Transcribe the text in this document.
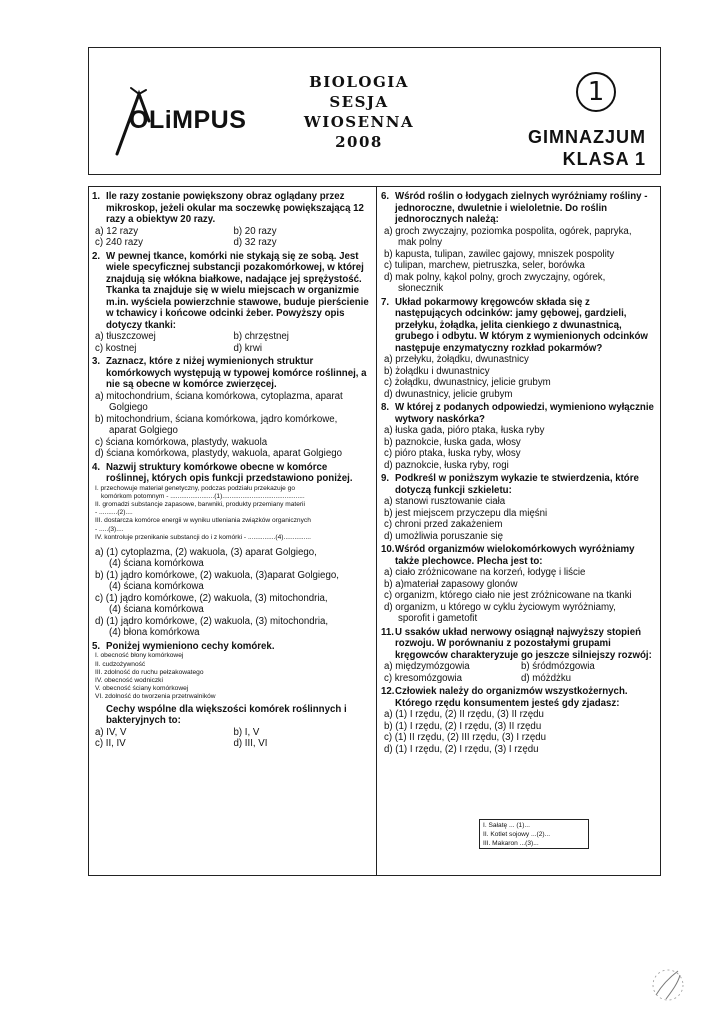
OLiMPUS
BIOLOGIA
SESJA WIOSENNA
2008
1
GIMNAZJUM
KLASA 1
1. Ile razy zostanie powiększony obraz oglądany przez mikroskop, jeżeli okular ma soczewkę powiększającą 12 razy a obiektyw 20 razy.
a) 12 razy	b) 20 razy
c) 240 razy	d) 32 razy
2. W pewnej tkance, komórki nie stykają się ze sobą. Jest wiele specyficznej substancji pozakomórkowej, w której znajdują się włókna białkowe, nadające jej sprężystość. Tkanka ta znajduje się w wielu miejscach w organizmie m.in. wyściela powierzchnie stawowe, buduje pierścienie w tchawicy i końcowe odcinki żeber. Powyższy opis dotyczy tkanki:
a) tłuszczowej	b) chrzęstnej
c) kostnej	d) krwi
3. Zaznacz, które z niżej wymienionych struktur komórkowych występują w typowej komórce roślinnej, a nie są obecne w komórce zwierzęcej.
a) mitochondrium, ściana komórkowa, cytoplazma, aparat
Golgiego
b) mitochondrium, ściana komórkowa, jądro komórkowe,
aparat Golgiego
c) ściana komórkowa, plastydy, wakuola
d) ściana komórkowa, plastydy, wakuola, aparat Golgiego
4. Nazwij struktury komórkowe obecne w komórce roślinnej, których opis funkcji przedstawiono poniżej.
I. przechowuje materiał genetyczny, podczas podziału przekazuje go
komórkom potomnym - ........................(1).............................................
II. gromadzi substancje zapasowe, barwniki, produkty przemiany materii
- ..........(2)....
III. dostarcza komórce energii w wyniku utleniania związków organicznych
- .....(3)....
IV. kontroluje przenikanie substancji do i z komórki - ...............(4)...............
a) (1) cytoplazma, (2) wakuola, (3) aparat Golgiego,
(4) ściana komórkowa
b) (1) jądro komórkowe, (2) wakuola, (3)aparat Golgiego,
(4) ściana komórkowa
c) (1) jądro komórkowe, (2) wakuola, (3) mitochondria,
(4) ściana komórkowa
d) (1) jądro komórkowe, (2) wakuola, (3) mitochondria,
(4) błona komórkowa
5. Poniżej wymieniono cechy komórek.
I. obecność błony komórkowej
II. cudzożywność
III. zdolność do ruchu pełzakowatego
IV. obecność wodniczki
V. obecność ściany komórkowej
VI. zdolność do tworzenia przetrwalników
Cechy wspólne dla większości komórek roślinnych i bakteryjnych to:
a) IV, V	b) I, V
c) II, IV	d) III, VI
6. Wśród roślin o łodygach zielnych wyróżniamy rośliny - jednoroczne, dwuletnie i wieloletnie. Do roślin jednorocznych należą:
a) groch zwyczajny, poziomka pospolita, ogórek, papryka,
mak polny
b) kapusta, tulipan, zawilec gajowy, mniszek pospolity
c) tulipan, marchew, pietruszka, seler, borówka
d) mak polny, kąkol polny, groch zwyczajny, ogórek,
słonecznik
7. Układ pokarmowy kręgowców składa się z następujących odcinków: jamy gębowej, gardzieli, przełyku, żołądka, jelita cienkiego z dwunastnicą, grubego i odbytu. W którym z wymienionych odcinków następuje enzymatyczny rozkład pokarmów?
a) przełyku, żołądku, dwunastnicy
b) żołądku i dwunastnicy
c) żołądku, dwunastnicy, jelicie grubym
d) dwunastnicy, jelicie grubym
8. W której z podanych odpowiedzi, wymieniono wyłącznie wytwory naskórka?
a) łuska gada, pióro ptaka, łuska ryby
b) paznokcie, łuska gada, włosy
c) pióro ptaka, łuska ryby, włosy
d) paznokcie, łuska ryby, rogi
9. Podkreśl w poniższym wykazie te stwierdzenia, które dotyczą funkcji szkieletu:
a) stanowi rusztowanie ciała
b) jest miejscem przyczepu dla mięśni
c) chroni przed zakażeniem
d) umożliwia poruszanie się
10. Wśród organizmów wielokomórkowych wyróżniamy także plechowce. Plecha jest to:
a) ciało zróżnicowane na korzeń, łodygę i liście
b) a)materiał zapasowy glonów
c) organizm, którego ciało nie jest zróżnicowane na tkanki
d) organizm, u którego w cyklu życiowym wyróżniamy,
sporofit i gametofit
11. U ssaków układ nerwowy osiągnął najwyższy stopień rozwoju. W porównaniu z pozostałymi grupami kręgowców charakteryzuje go jeszcze silniejszy rozwój:
a) międzymózgowia	b) śródmózgowia
c) kresomózgowia	d) móżdżku
12. Człowiek należy do organizmów wszystkożernych. Którego rzędu konsumentem jesteś gdy zjadasz:
a) (1) I rzędu, (2) II rzędu, (3) II rzędu
b) (1) I rzędu, (2) I rzędu, (3) II rzędu
c) (1) II rzędu, (2) III rzędu, (3) I rzędu
d) (1) I rzędu, (2) I rzędu, (3) I rzędu
I. Sałatę ... (1)...
II. Kotlet sojowy ...(2)...
III. Makaron ...(3)...
